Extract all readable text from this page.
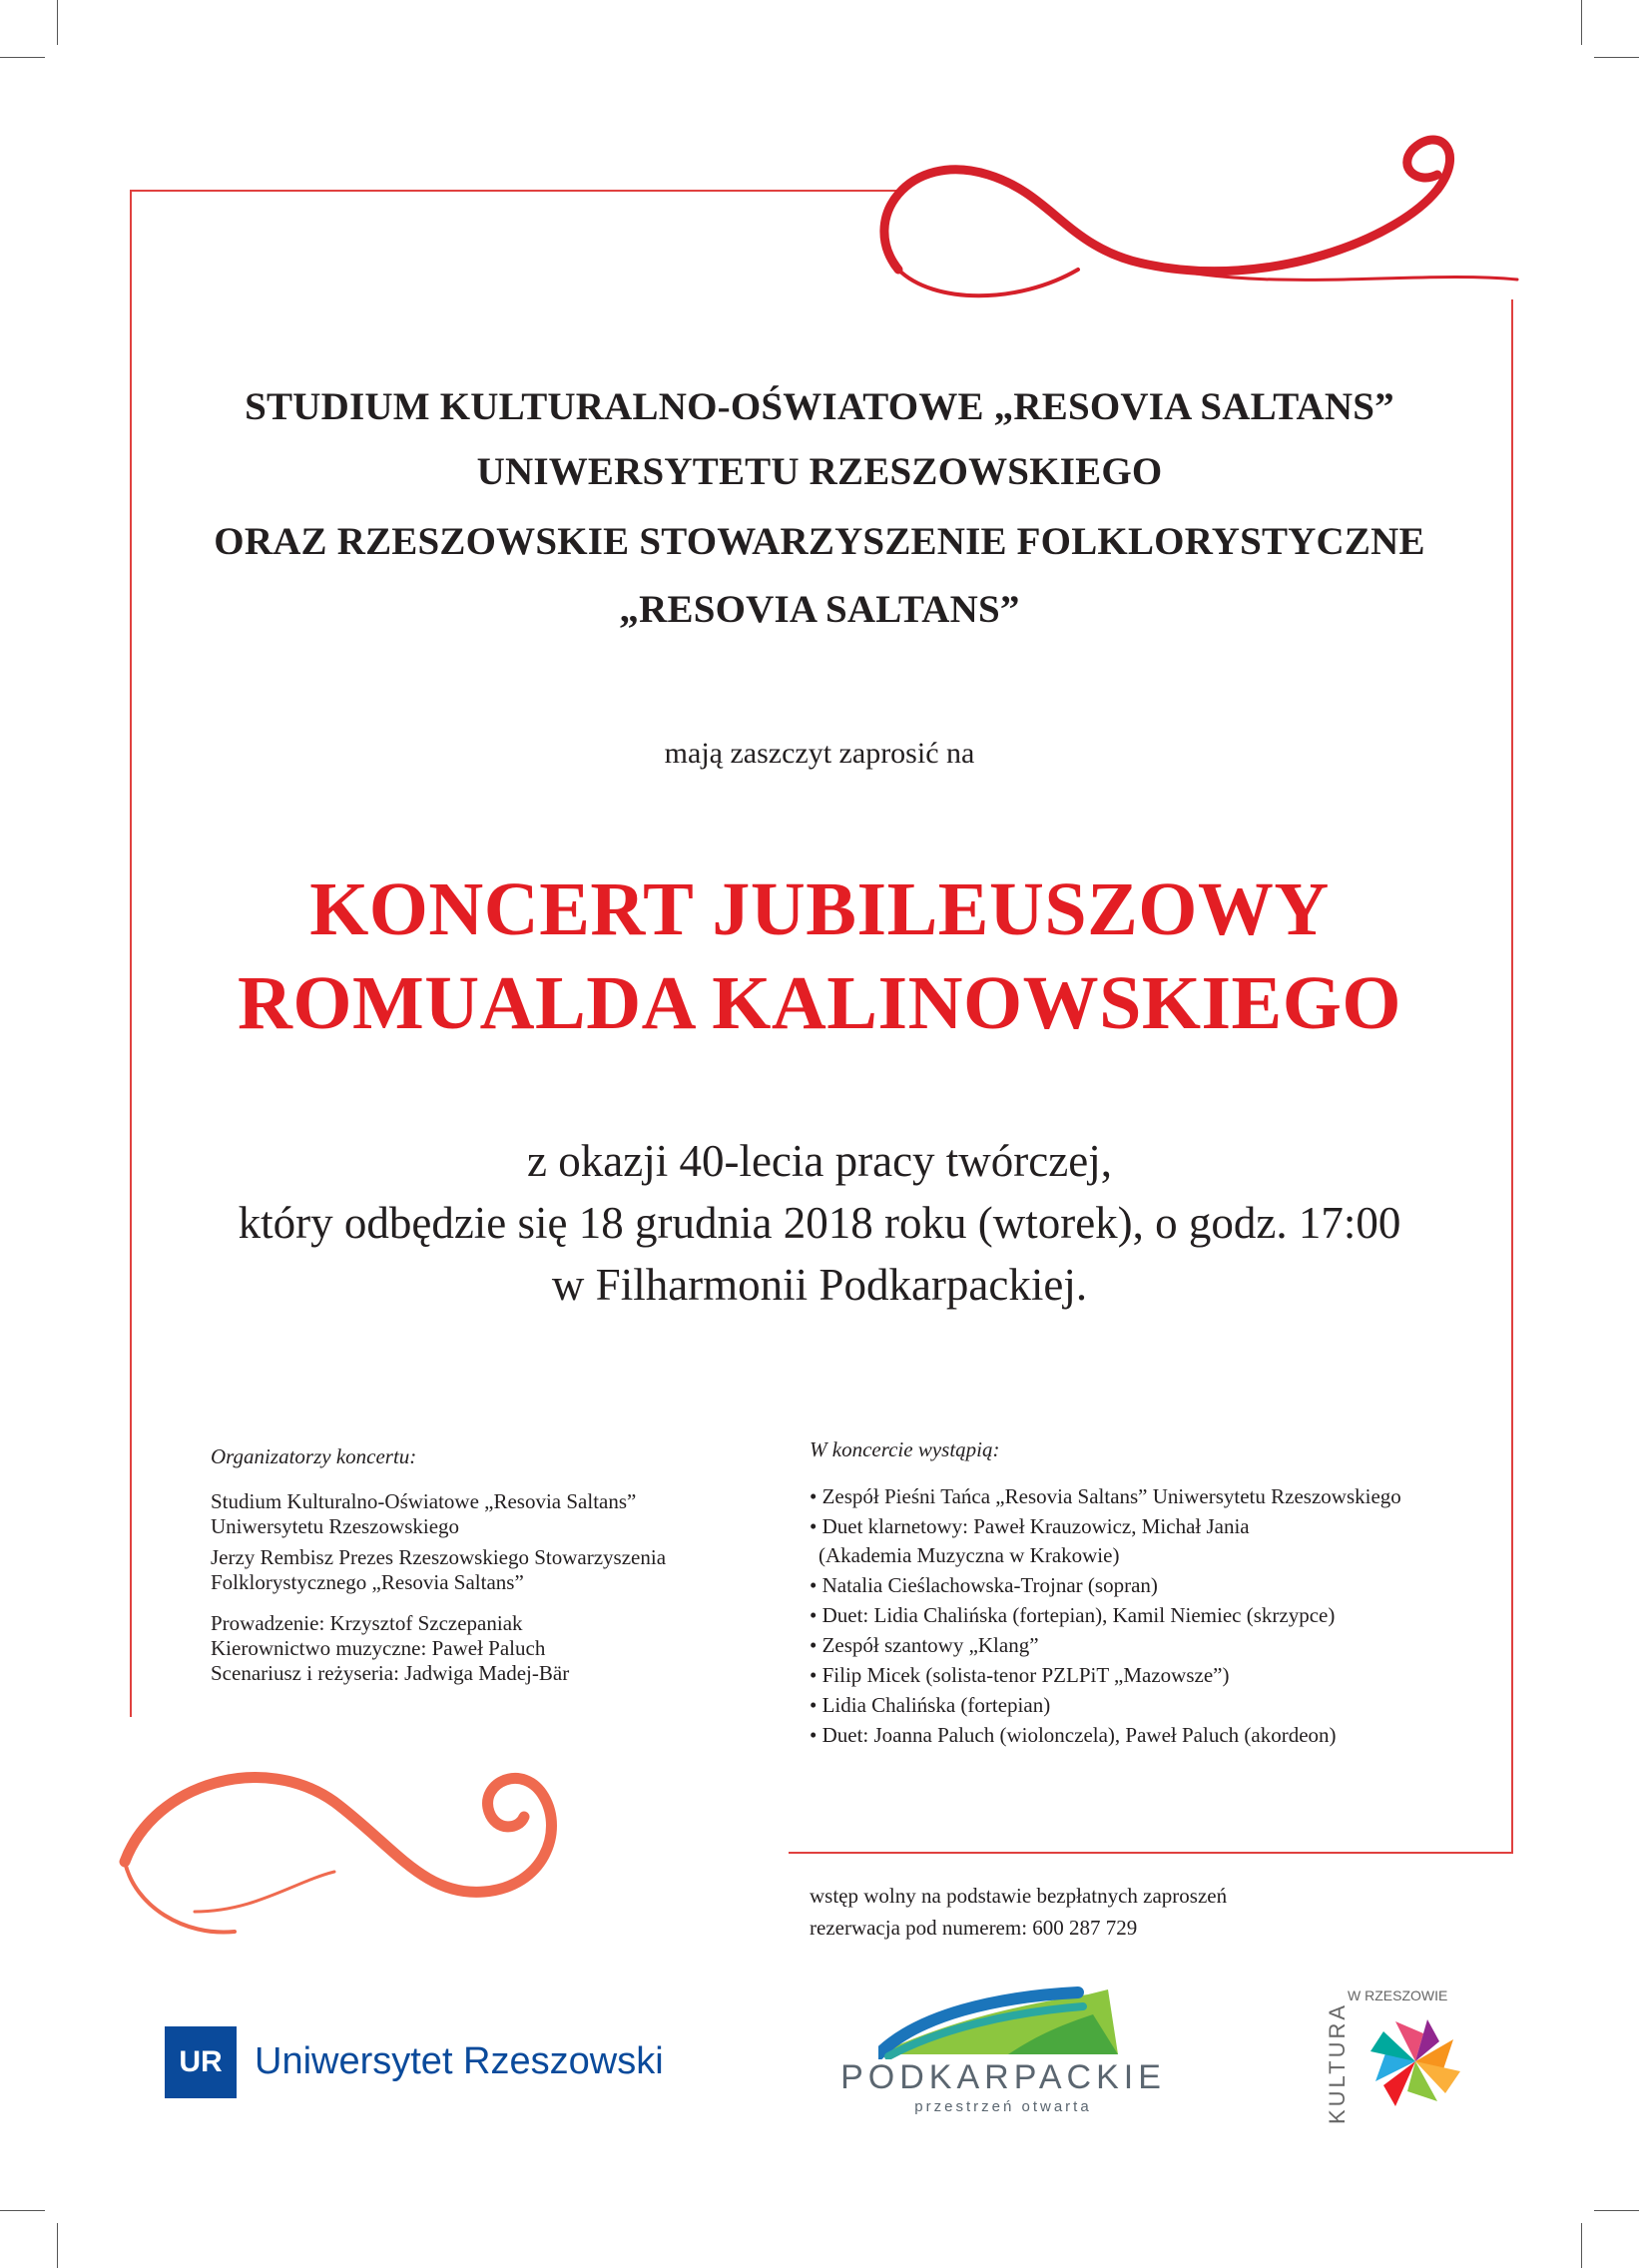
STUDIUM KULTURALNO-OŚWIATOWE „RESOVIA SALTANS”
UNIWERSYTETU RZESZOWSKIEGO
ORAZ RZESZOWSKIE STOWARZYSZENIE FOLKLORYSTYCZNE
„RESOVIA SALTANS”
mają zaszczyt zaprosić na
KONCERT JUBILEUSZOWY
ROMUALDA KALINOWSKIEGO
z okazji 40-lecia pracy twórczej,
który odbędzie się 18 grudnia 2018 roku (wtorek), o godz. 17:00
w Filharmonii Podkarpackiej.
Organizatorzy koncertu:
Studium Kulturalno-Oświatowe „Resovia Saltans”
Uniwersytetu Rzeszowskiego
Jerzy Rembisz Prezes Rzeszowskiego Stowarzyszenia
Folklorystycznego „Resovia Saltans”
Prowadzenie: Krzysztof Szczepaniak
Kierownictwo muzyczne: Paweł Paluch
Scenariusz i reżyseria: Jadwiga Madej-Bär
W koncercie wystąpią:
• Zespół Pieśni Tańca „Resovia Saltans” Uniwersytetu Rzeszowskiego
• Duet klarnetowy: Paweł Krauzowicz, Michał Jania
(Akademia Muzyczna w Krakowie)
• Natalia Cieślachowska-Trojnar (sopran)
• Duet: Lidia Chalińska (fortepian), Kamil Niemiec (skrzypce)
• Zespół szantowy „Klang”
• Filip Micek (solista-tenor PZLPiT „Mazowsze”)
• Lidia Chalińska (fortepian)
• Duet: Joanna Paluch (wiolonczela), Paweł Paluch (akordeon)
wstęp wolny na podstawie bezpłatnych zaproszeń
rezerwacja pod numerem: 600 287 729
UR Uniwersytet Rzeszowski	PODKARPACKIE
przestrzeń otwarta	KULTURA
W RZESZOWIE
